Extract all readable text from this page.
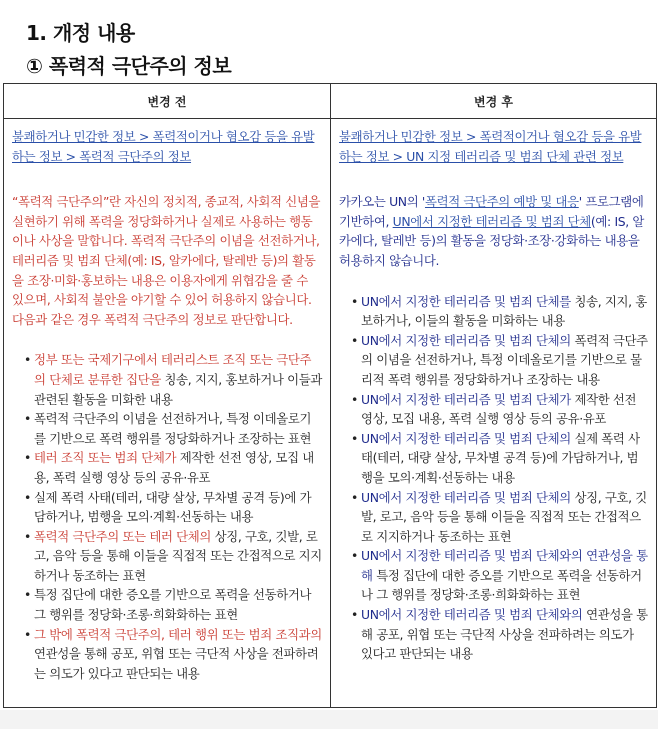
1. 개정 내용
① 폭력적 극단주의 정보
변경 전	변경 후

불쾌하거나 민감한 정보 > 폭력적이거나 혐오감 등을 유발하는 정보 > 폭력적 극단주의 정보
“폭력적 극단주의”란 자신의 정치적, 종교적, 사회적 신념을 실현하기 위해 폭력을 정당화하거나 실제로 사용하는 행동이나 사상을 말합니다. 폭력적 극단주의 이념을 선전하거나, 테러리즘 및 범죄 단체(예: IS, 알카에다, 탈레반 등)의 활동을 조장·미화·홍보하는 내용은 이용자에게 위협감을 줄 수 있으며, 사회적 불안을 야기할 수 있어 허용하지 않습니다. 다음과 같은 경우 폭력적 극단주의 정보로 판단합니다.
• 정부 또는 국제기구에서 테러리스트 조직 또는 극단주의 단체로 분류한 집단을 칭송, 지지, 홍보하거나 이들과 관련된 활동을 미화한 내용
• 폭력적 극단주의 이념을 선전하거나, 특정 이데올로기를 기반으로 폭력 행위를 정당화하거나 조장하는 표현
• 테러 조직 또는 범죄 단체가 제작한 선전 영상, 모집 내용, 폭력 실행 영상 등의 공유·유포
• 실제 폭력 사태(테러, 대량 살상, 무차별 공격 등)에 가담하거나, 범행을 모의·계획·선동하는 내용
• 폭력적 극단주의 또는 테러 단체의 상징, 구호, 깃발, 로고, 음악 등을 통해 이들을 직접적 또는 간접적으로 지지하거나 동조하는 표현
• 특정 집단에 대한 증오를 기반으로 폭력을 선동하거나 그 행위를 정당화·조롱·희화화하는 표현
• 그 밖에 폭력적 극단주의, 테러 행위 또는 범죄 조직과의 연관성을 통해 공포, 위협 또는 극단적 사상을 전파하려는 의도가 있다고 판단되는 내용

불쾌하거나 민감한 정보 > 폭력적이거나 혐오감 등을 유발하는 정보 > UN 지정 테러리즘 및 범죄 단체 관련 정보
카카오는 UN의 '폭력적 극단주의 예방 및 대응' 프로그램에 기반하여, UN에서 지정한 테러리즘 및 범죄 단체(예: IS, 알카에다, 탈레반 등)의 활동을 정당화·조장·강화하는 내용을 허용하지 않습니다.
• UN에서 지정한 테러리즘 및 범죄 단체를 칭송, 지지, 홍보하거나, 이들의 활동을 미화하는 내용
• UN에서 지정한 테러리즘 및 범죄 단체의 폭력적 극단주의 이념을 선전하거나, 특정 이데올로기를 기반으로 물리적 폭력 행위를 정당화하거나 조장하는 내용
• UN에서 지정한 테러리즘 및 범죄 단체가 제작한 선전 영상, 모집 내용, 폭력 실행 영상 등의 공유·유포
• UN에서 지정한 테러리즘 및 범죄 단체의 실제 폭력 사태(테러, 대량 살상, 무차별 공격 등)에 가담하거나, 범행을 모의·계획·선동하는 내용
• UN에서 지정한 테러리즘 및 범죄 단체의 상징, 구호, 깃발, 로고, 음악 등을 통해 이들을 직접적 또는 간접적으로 지지하거나 동조하는 표현
• UN에서 지정한 테러리즘 및 범죄 단체와의 연관성을 통해 특정 집단에 대한 증오를 기반으로 폭력을 선동하거나 그 행위를 정당화·조롱·희화화하는 표현
• UN에서 지정한 테러리즘 및 범죄 단체와의 연관성을 통해 공포, 위협 또는 극단적 사상을 전파하려는 의도가 있다고 판단되는 내용
